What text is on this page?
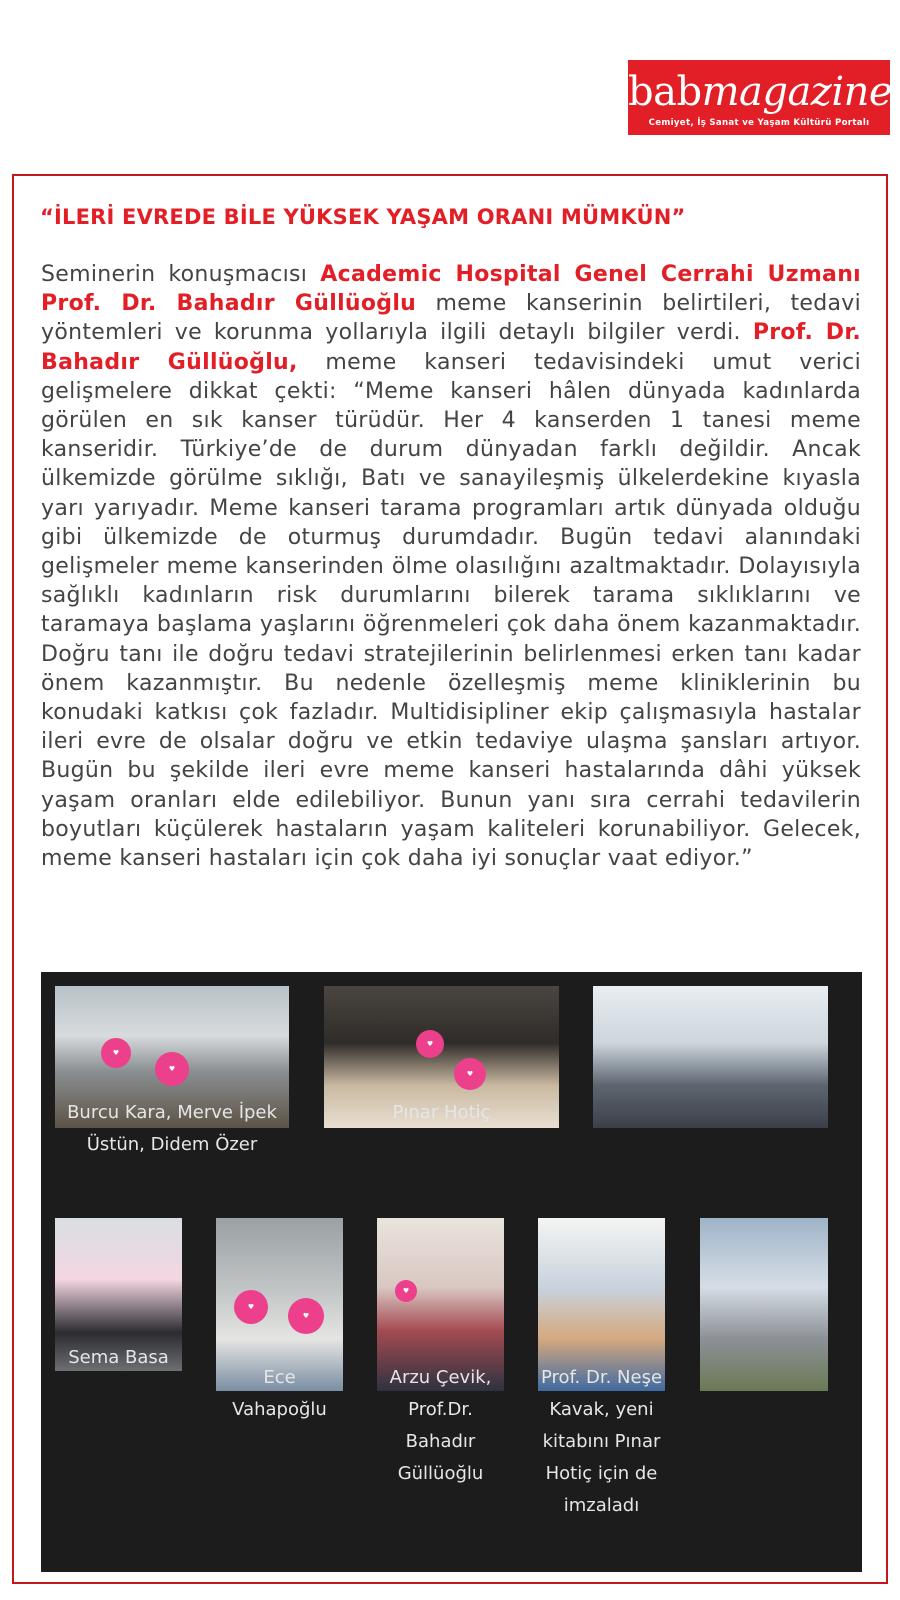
babmagazine
Cemiyet, İş Sanat ve Yaşam Kültürü Portalı
“İLERİ EVREDE BİLE YÜKSEK YAŞAM ORANI MÜMKÜN”
Seminerin konuşmacısı Academic Hospital Genel Cerrahi Uzmanı Prof. Dr. Bahadır Güllüoğlu meme kanserinin belirtileri, tedavi yöntemleri ve korunma yollarıyla ilgili detaylı bilgiler verdi. Prof. Dr. Bahadır Güllüoğlu, meme kanseri tedavisindeki umut verici gelişmelere dikkat çekti: “Meme kanseri hâlen dünyada kadınlarda görülen en sık kanser türüdür. Her 4 kanserden 1 tanesi meme kanseridir. Türkiye’de de durum dünyadan farklı değildir. Ancak ülkemizde görülme sıklığı, Batı ve sanayileşmiş ülkelerdekine kıyasla yarı yarıyadır. Meme kanseri tarama programları artık dünyada olduğu gibi ülkemizde de oturmuş durumdadır. Bugün tedavi alanındaki gelişmeler meme kanserinden ölme olasılığını azaltmaktadır. Dolayısıyla sağlıklı kadınların risk durumlarını bilerek tarama sıklıklarını ve taramaya başlama yaşlarını öğrenmeleri çok daha önem kazanmaktadır. Doğru tanı ile doğru tedavi stratejilerinin belirlenmesi erken tanı kadar önem kazanmıştır. Bu nedenle özelleşmiş meme kliniklerinin bu konudaki katkısı çok fazladır. Multidisipliner ekip çalışmasıyla hastalar ileri evre de olsalar doğru ve etkin tedaviye ulaşma şansları artıyor. Bugün bu şekilde ileri evre meme kanseri hastalarında dâhi yüksek yaşam oranları elde edilebiliyor. Bunun yanı sıra cerrahi tedavilerin boyutları küçülerek hastaların yaşam kaliteleri korunabiliyor. Gelecek, meme kanseri hastaları için çok daha iyi sonuçlar vaat ediyor.”
♥
♥
Burcu Kara, Merve İpek Üstün, Didem Özer
♥
♥
Pınar Hotiç
Sema Basa
♥
♥
Ece Vahapoğlu
♥
Arzu Çevik, Prof.Dr. Bahadır Güllüoğlu
Prof. Dr. Neşe Kavak, yeni kitabını Pınar Hotiç için de imzaladı
